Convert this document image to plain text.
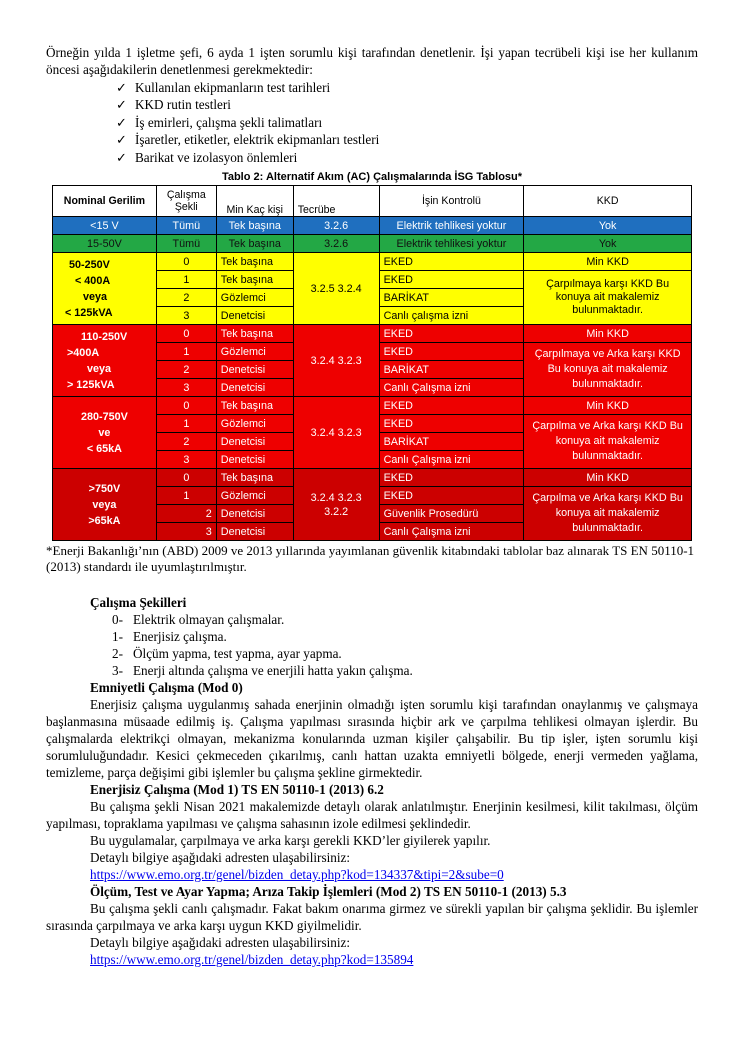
Örneğin yılda 1 işletme şefi, 6 ayda 1 işten sorumlu kişi tarafından denetlenir. İşi yapan tecrübeli kişi ise her kullanım öncesi aşağıdakilerin denetlenmesi gerekmektedir:

✓ Kullanılan ekipmanların test tarihleri
✓ KKD rutin testleri
✓ İş emirleri, çalışma şekli talimatları
✓ İşaretler, etiketler, elektrik ekipmanları testleri
✓ Barikat ve izolasyon önlemleri
Tablo 2: Alternatif Akım (AC) Çalışmalarında İSG Tablosu*
Nominal Gerilim	Çalışma Şekli	Min Kaç kişi	Tecrübe	İşin Kontrolü	KKD
<15 V	Tümü	Tek başına	3.2.6	Elektrik tehlikesi yoktur	Yok
15-50V	Tümü	Tek başına	3.2.6	Elektrik tehlikesi yoktur	Yok

50-250V
< 400A
veya
< 125kVA	0	Tek başına	3.2.5 3.2.4	EKED	Min KKD
	1	Tek başına		EKED	Çarpılmaya karşı KKD Bu konuya ait makalemiz bulunmaktadır.
	2	Gözlemci		BARİKAT	
	3	Denetcisi		Canlı çalışma izni	

110-250V
>400A
veya
> 125kVA	0	Tek başına	3.2.4 3.2.3	EKED	Min KKD
	1	Gözlemci		EKED	Çarpılmaya ve Arka karşı KKD Bu konuya ait makalemiz bulunmaktadır.
	2	Denetcisi		BARİKAT	
	3	Denetcisi		Canlı Çalışma izni	

280-750V
ve
< 65kA	0	Tek başına	3.2.4 3.2.3	EKED	Min KKD
	1	Gözlemci		EKED	Çarpılma ve Arka karşı KKD Bu konuya ait makalemiz bulunmaktadır.
	2	Denetcisi		BARİKAT	
	3	Denetcisi		Canlı Çalışma izni	

>750V
veya
>65kA	0	Tek başına	3.2.4 3.2.3 3.2.2	EKED	Min KKD
	1	Gözlemci		EKED	Çarpılma ve Arka karşı KKD Bu konuya ait makalemiz bulunmaktadır.
	2	Denetcisi		Güvenlik Prosedürü	
	3	Denetcisi		Canlı Çalışma izni	

*Enerji Bakanlığı’nın (ABD) 2009 ve 2013 yıllarında yayımlanan güvenlik kitabındaki tablolar baz alınarak TS EN 50110-1 (2013) standardı ile uyumlaştırılmıştır.

Çalışma Şekilleri

0- Elektrik olmayan çalışmalar.
1- Enerjisiz çalışma.
2- Ölçüm yapma, test yapma, ayar yapma.
3- Enerji altında çalışma ve enerjili hatta yakın çalışma.

Emniyetli Çalışma (Mod 0)

Enerjisiz çalışma uygulanmış sahada enerjinin olmadığı işten sorumlu kişi tarafından onaylanmış ve çalışmaya başlanmasına müsaade edilmiş iş. Çalışma yapılması sırasında hiçbir ark ve çarpılma tehlikesi olmayan işlerdir. Bu çalışmalarda elektrikçi olmayan, mekanizma konularında uzman kişiler çalışabilir. Bu tip işler, işten sorumlu kişi sorumluluğundadır. Kesici çekmeceden çıkarılmış, canlı hattan uzakta emniyetli bölgede, enerji vermeden yağlama, temizleme, parça değişimi gibi işlemler bu çalışma şekline girmektedir.

Enerjisiz Çalışma (Mod 1) TS EN 50110-1 (2013) 6.2

Bu çalışma şekli Nisan 2021 makalemizde detaylı olarak anlatılmıştır. Enerjinin kesilmesi, kilit takılması, ölçüm yapılması, topraklama yapılması ve çalışma sahasının izole edilmesi şeklindedir.

Bu uygulamalar, çarpılmaya ve arka karşı gerekli KKD’ler giyilerek yapılır.

Detaylı bilgiye aşağıdaki adresten ulaşabilirsiniz:

https://www.emo.org.tr/genel/bizden_detay.php?kod=134337&tipi=2&sube=0

Ölçüm, Test ve Ayar Yapma; Arıza Takip İşlemleri (Mod 2) TS EN 50110-1 (2013) 5.3

Bu çalışma şekli canlı çalışmadır. Fakat bakım onarıma girmez ve sürekli yapılan bir çalışma şeklidir. Bu işlemler sırasında çarpılmaya ve arka karşı uygun KKD giyilmelidir.

Detaylı bilgiye aşağıdaki adresten ulaşabilirsiniz:

https://www.emo.org.tr/genel/bizden_detay.php?kod=135894
